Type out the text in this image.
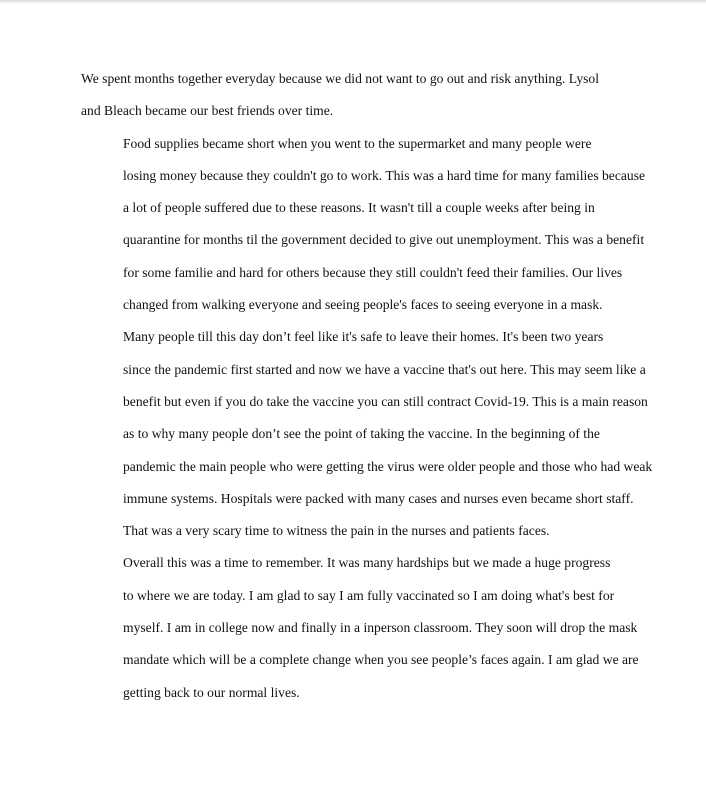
We spent months together everyday because we did not want to go out and risk anything. Lysol
and Bleach became our best friends over time.

Food supplies became short when you went to the supermarket and many people were
losing money because they couldn't go to work. This was a hard time for many families because
a lot of people suffered due to these reasons. It wasn't till a couple weeks after being in
quarantine for months til the government decided to give out unemployment. This was a benefit
for some familie and hard for others because they still couldn't feed their families. Our lives
changed from walking everyone and seeing people's faces to seeing everyone in a mask.

Many people till this day don’t feel like it's safe to leave their homes. It's been two years
since the pandemic first started and now we have a vaccine that's out here. This may seem like a
benefit but even if you do take the vaccine you can still contract Covid-19. This is a main reason
as to why many people don’t see the point of taking the vaccine. In the beginning of the
pandemic the main people who were getting the virus were older people and those who had weak
immune systems. Hospitals were packed with many cases and nurses even became short staff.
That was a very scary time to witness the pain in the nurses and patients faces.

Overall this was a time to remember. It was many hardships but we made a huge progress
to where we are today. I am glad to say I am fully vaccinated so I am doing what's best for
myself. I am in college now and finally in a inperson classroom. They soon will drop the mask
mandate which will be a complete change when you see people’s faces again. I am glad we are
getting back to our normal lives.
